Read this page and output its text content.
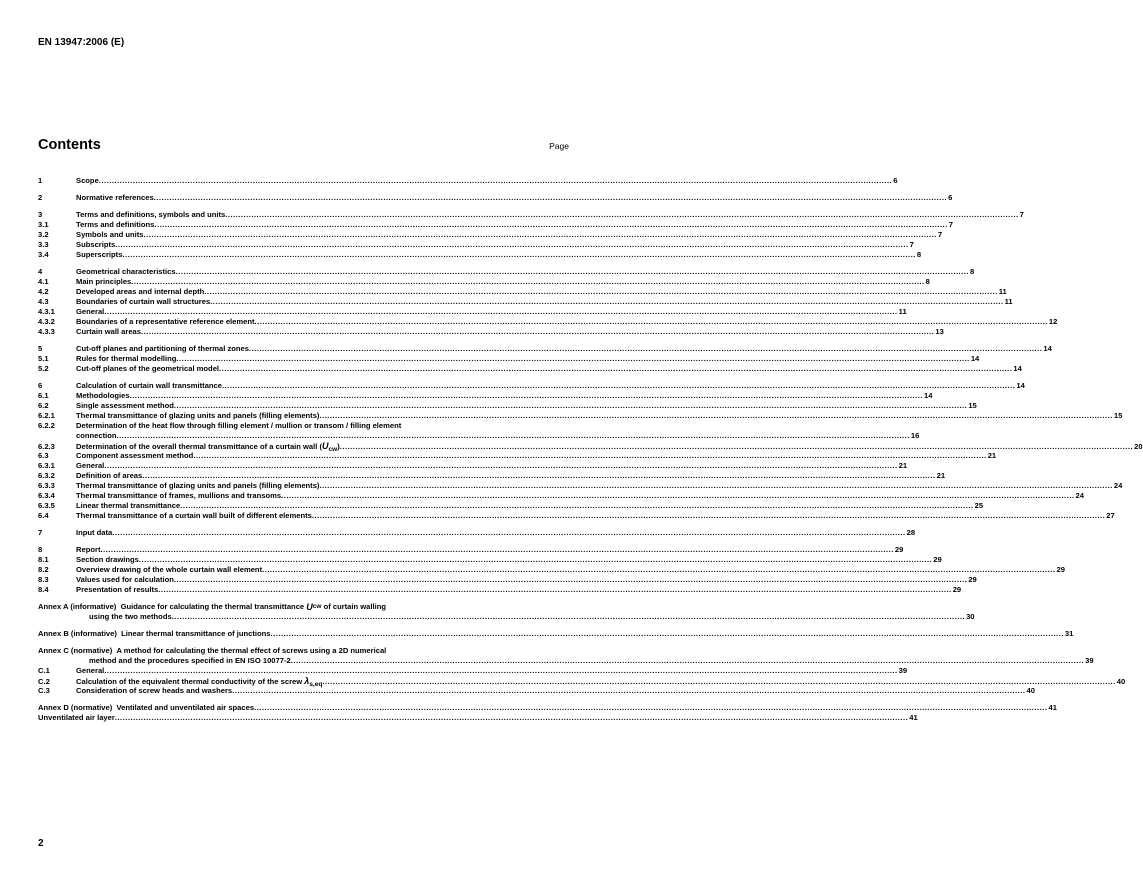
EN 13947:2006 (E)
Contents	Page
1	Scope .....	6
2	Normative references .....	6
3	Terms and definitions, symbols and units .....	7
3.1	Terms and definitions .....	7
3.2	Symbols and units .....	7
3.3	Subscripts .....	7
3.4	Superscripts .....	8
4	Geometrical characteristics .....	8
4.1	Main principles .....	8
4.2	Developed areas and internal depth .....	11
4.3	Boundaries of curtain wall structures .....	11
4.3.1	General .....	11
4.3.2	Boundaries of a representative reference element .....	12
4.3.3	Curtain wall areas .....	13
5	Cut-off planes and partitioning of thermal zones .....	14
5.1	Rules for thermal modelling .....	14
5.2	Cut-off planes of the geometrical model .....	14
6	Calculation of curtain wall transmittance .....	14
6.1	Methodologies .....	14
6.2	Single assessment method .....	15
6.2.1	Thermal transmittance of glazing units and panels (filling elements) .....	15
6.2.2	Determination of the heat flow through filling element / mullion or transom / filling element
connection .....	16
6.2.3	Determination of the overall thermal transmittance of a curtain wall (Ucw) .....	20
6.3	Component assessment method .....	21
6.3.1	General .....	21
6.3.2	Definition of areas .....	21
6.3.3	Thermal transmittance of glazing units and panels (filling elements) .....	24
6.3.4	Thermal transmittance of frames, mullions and transoms .....	24
6.3.5	Linear thermal transmittance .....	25
6.4	Thermal transmittance of a curtain wall built of different elements .....	27
7	Input data .....	28
8	Report .....	29
8.1	Section drawings .....	29
8.2	Overview drawing of the whole curtain wall element .....	29
8.3	Values used for calculation .....	29
8.4	Presentation of results .....	29
Annex A (informative)
Guidance for calculating the thermal transmittance
U cw
of curtain walling
using the two methods .....	30
Annex B (informative) Linear thermal transmittance of junctions .....	31
Annex C (normative)
A method for calculating the thermal effect of screws using a 2D numerical
method and the procedures specified in EN ISO 10077-2 .....	39
C.1	General .....	39
C.2	Calculation of the equivalent thermal conductivity of the screw λs,eq .....	40
C.3	Consideration of screw heads and washers .....	40
Annex D (normative) Ventilated and unventilated air spaces .....	41
Unventilated air layer .....	41
2
